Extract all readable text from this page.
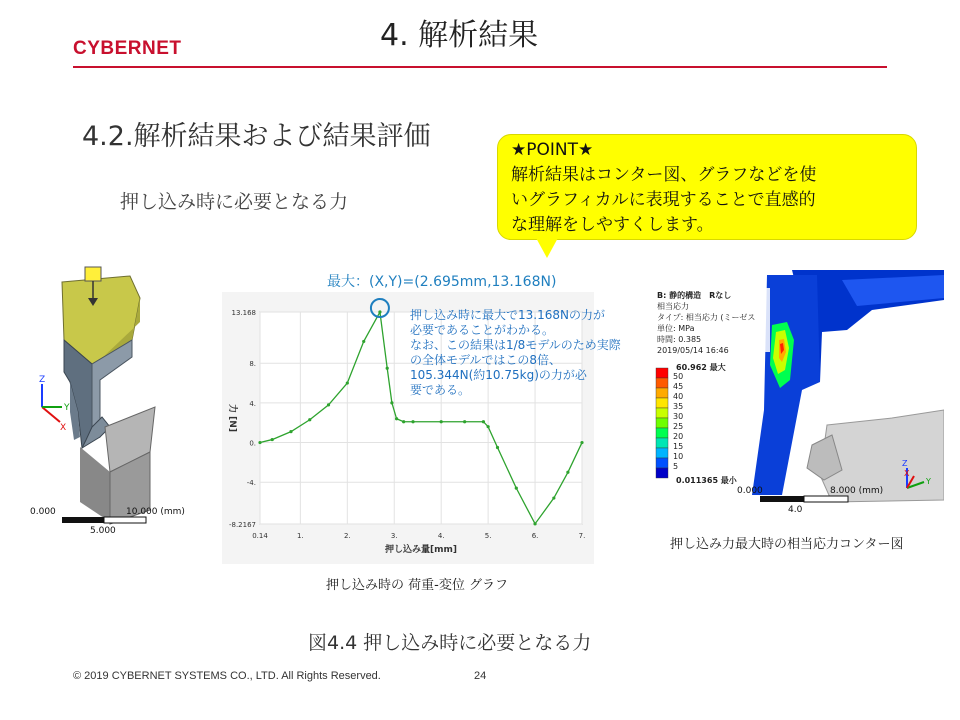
CYBERNET	4. 解析結果
4.2.解析結果および結果評価
押し込み時に必要となる力
★POINT★
解析結果はコンター図、グラフなどを使
いグラフィカルに表現することで直感的
な理解をしやすくします。
Z
X
Y
0.000	10.000 (mm)
5.000	0.14	1.	2.	3.	4.	5.	6.	7.
13.168
8.
4.
0.
-4.
-8.2167
力 [N]
押し込み量[mm]
最大：(X,Y)=(2.695mm,13.168N)
押し込み時に最大で13.168Nの力が
必要であることがわかる。
なお、この結果は1/8モデルのため実際
の全体モデルではこの8倍、
105.344N(約10.75kg)の力が必
要である。
押し込み時の 荷重-変位 グラフ
Z
X
Y
0.000	8.000 (mm)
4.0
B: 静的構造　Rなし
相当応力
タイプ: 相当応力 (ミーゼス
単位: MPa
時間: 0.385
2019/05/14 16:46
60.962 最大
0.011365 最小
50
45
40
35
30
25
20
15
10
5
押し込み力最大時の相当応力コンター図
図4.4 押し込み時に必要となる力
© 2019 CYBERNET SYSTEMS CO., LTD. All Rights Reserved.	24
